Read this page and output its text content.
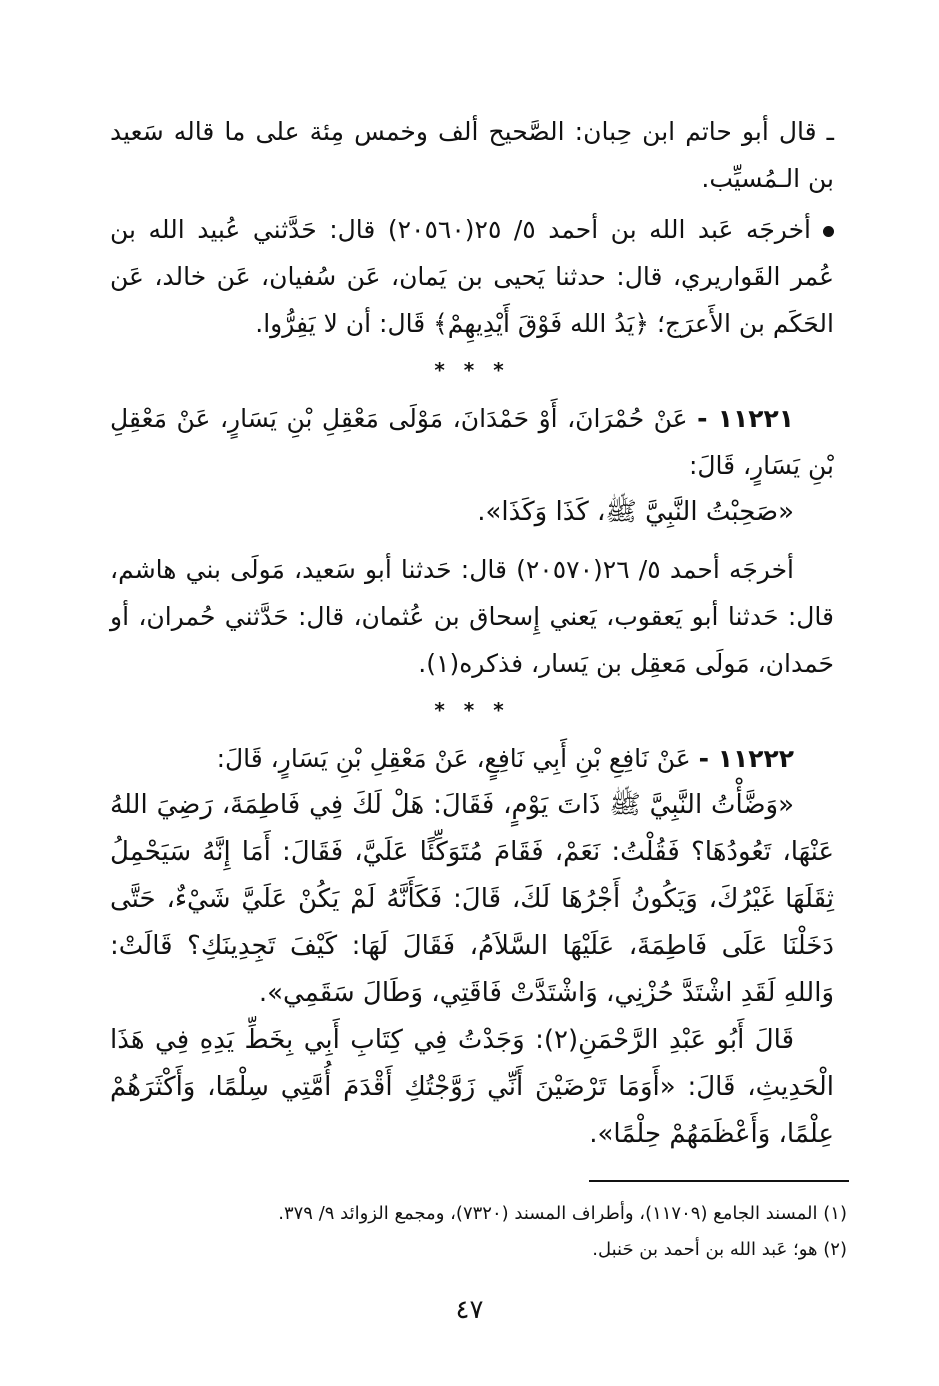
ـ قال أبو حاتم ابن حِبان: الصَّحيح ألف وخمس مِئة على ما قاله سَعيد بن الـمُسيِّب.

أخرجَه عَبد الله بن أحمد ٥/ ٢٥(٢٠٥٦٠) قال: حَدَّثني عُبيد الله بن عُمر القَواريري، قال: حدثنا يَحيى بن يَمان، عَن سُفيان، عَن خالد، عَن الحَكَم بن الأَعرَج؛ ﴿يَدُ الله فَوْقَ أَيْدِيهِمْ﴾ قَال: أن لا يَفِرُّوا.

* * *

١١٢٢١ - عَنْ حُمْرَانَ، أَوْ حَمْدَانَ، مَوْلَى مَعْقِلِ بْنِ يَسَارٍ، عَنْ مَعْقِلِ بْنِ يَسَارٍ، قَالَ:

«صَحِبْتُ النَّبِيَّ ﷺ، كَذَا وَكَذَا».

أخرجَه أحمد ٥/ ٢٦(٢٠٥٧٠) قال: حَدثنا أبو سَعيد، مَولَى بني هاشم، قال: حَدثنا أبو يَعقوب، يَعني إِسحاق بن عُثمان، قال: حَدَّثني حُمران، أو حَمدان، مَولَى مَعقِل بن يَسار، فذكره(١).

* * *

١١٢٢٢ - عَنْ نَافِعِ بْنِ أَبِي نَافِعٍ، عَنْ مَعْقِلِ بْنِ يَسَارٍ، قَالَ:

«وَضَّأْتُ النَّبِيَّ ﷺ ذَاتَ يَوْمٍ، فَقَالَ: هَلْ لَكَ فِي فَاطِمَةَ، رَضِيَ اللهُ عَنْهَا، تَعُودُهَا؟ فَقُلْتُ: نَعَمْ، فَقَامَ مُتَوَكِّئًا عَلَيَّ، فَقَالَ: أَمَا إِنَّهُ سَيَحْمِلُ ثِقَلَهَا غَيْرُكَ، وَيَكُونُ أَجْرُهَا لَكَ، قَالَ: فَكَأَنَّهُ لَمْ يَكُنْ عَلَيَّ شَيْءٌ، حَتَّى دَخَلْنَا عَلَى فَاطِمَةَ، عَلَيْهَا السَّلاَمُ، فَقَالَ لَهَا: كَيْفَ تَجِدِينَكِ؟ قَالَتْ: وَاللهِ لَقَدِ اشْتَدَّ حُزْنِي، وَاشْتَدَّتْ فَاقَتِي، وَطَالَ سَقَمِي».

قَالَ أَبُو عَبْدِ الرَّحْمَنِ(٢): وَجَدْتُ فِي كِتَابِ أَبِي بِخَطِّ يَدِهِ فِي هَذَا الْحَدِيثِ، قَالَ: «أَوَمَا تَرْضَيْنَ أَنِّي زَوَّجْتُكِ أَقْدَمَ أُمَّتِي سِلْمًا، وَأَكْثَرَهُمْ عِلْمًا، وَأَعْظَمَهُمْ حِلْمًا».

(١) المسند الجامع (١١٧٠٩)، وأطراف المسند (٧٣٢٠)، ومجمع الزوائد ٩/ ٣٧٩.

(٢) هو؛ عَبد الله بن أحمد بن حَنبل.

٤٧
